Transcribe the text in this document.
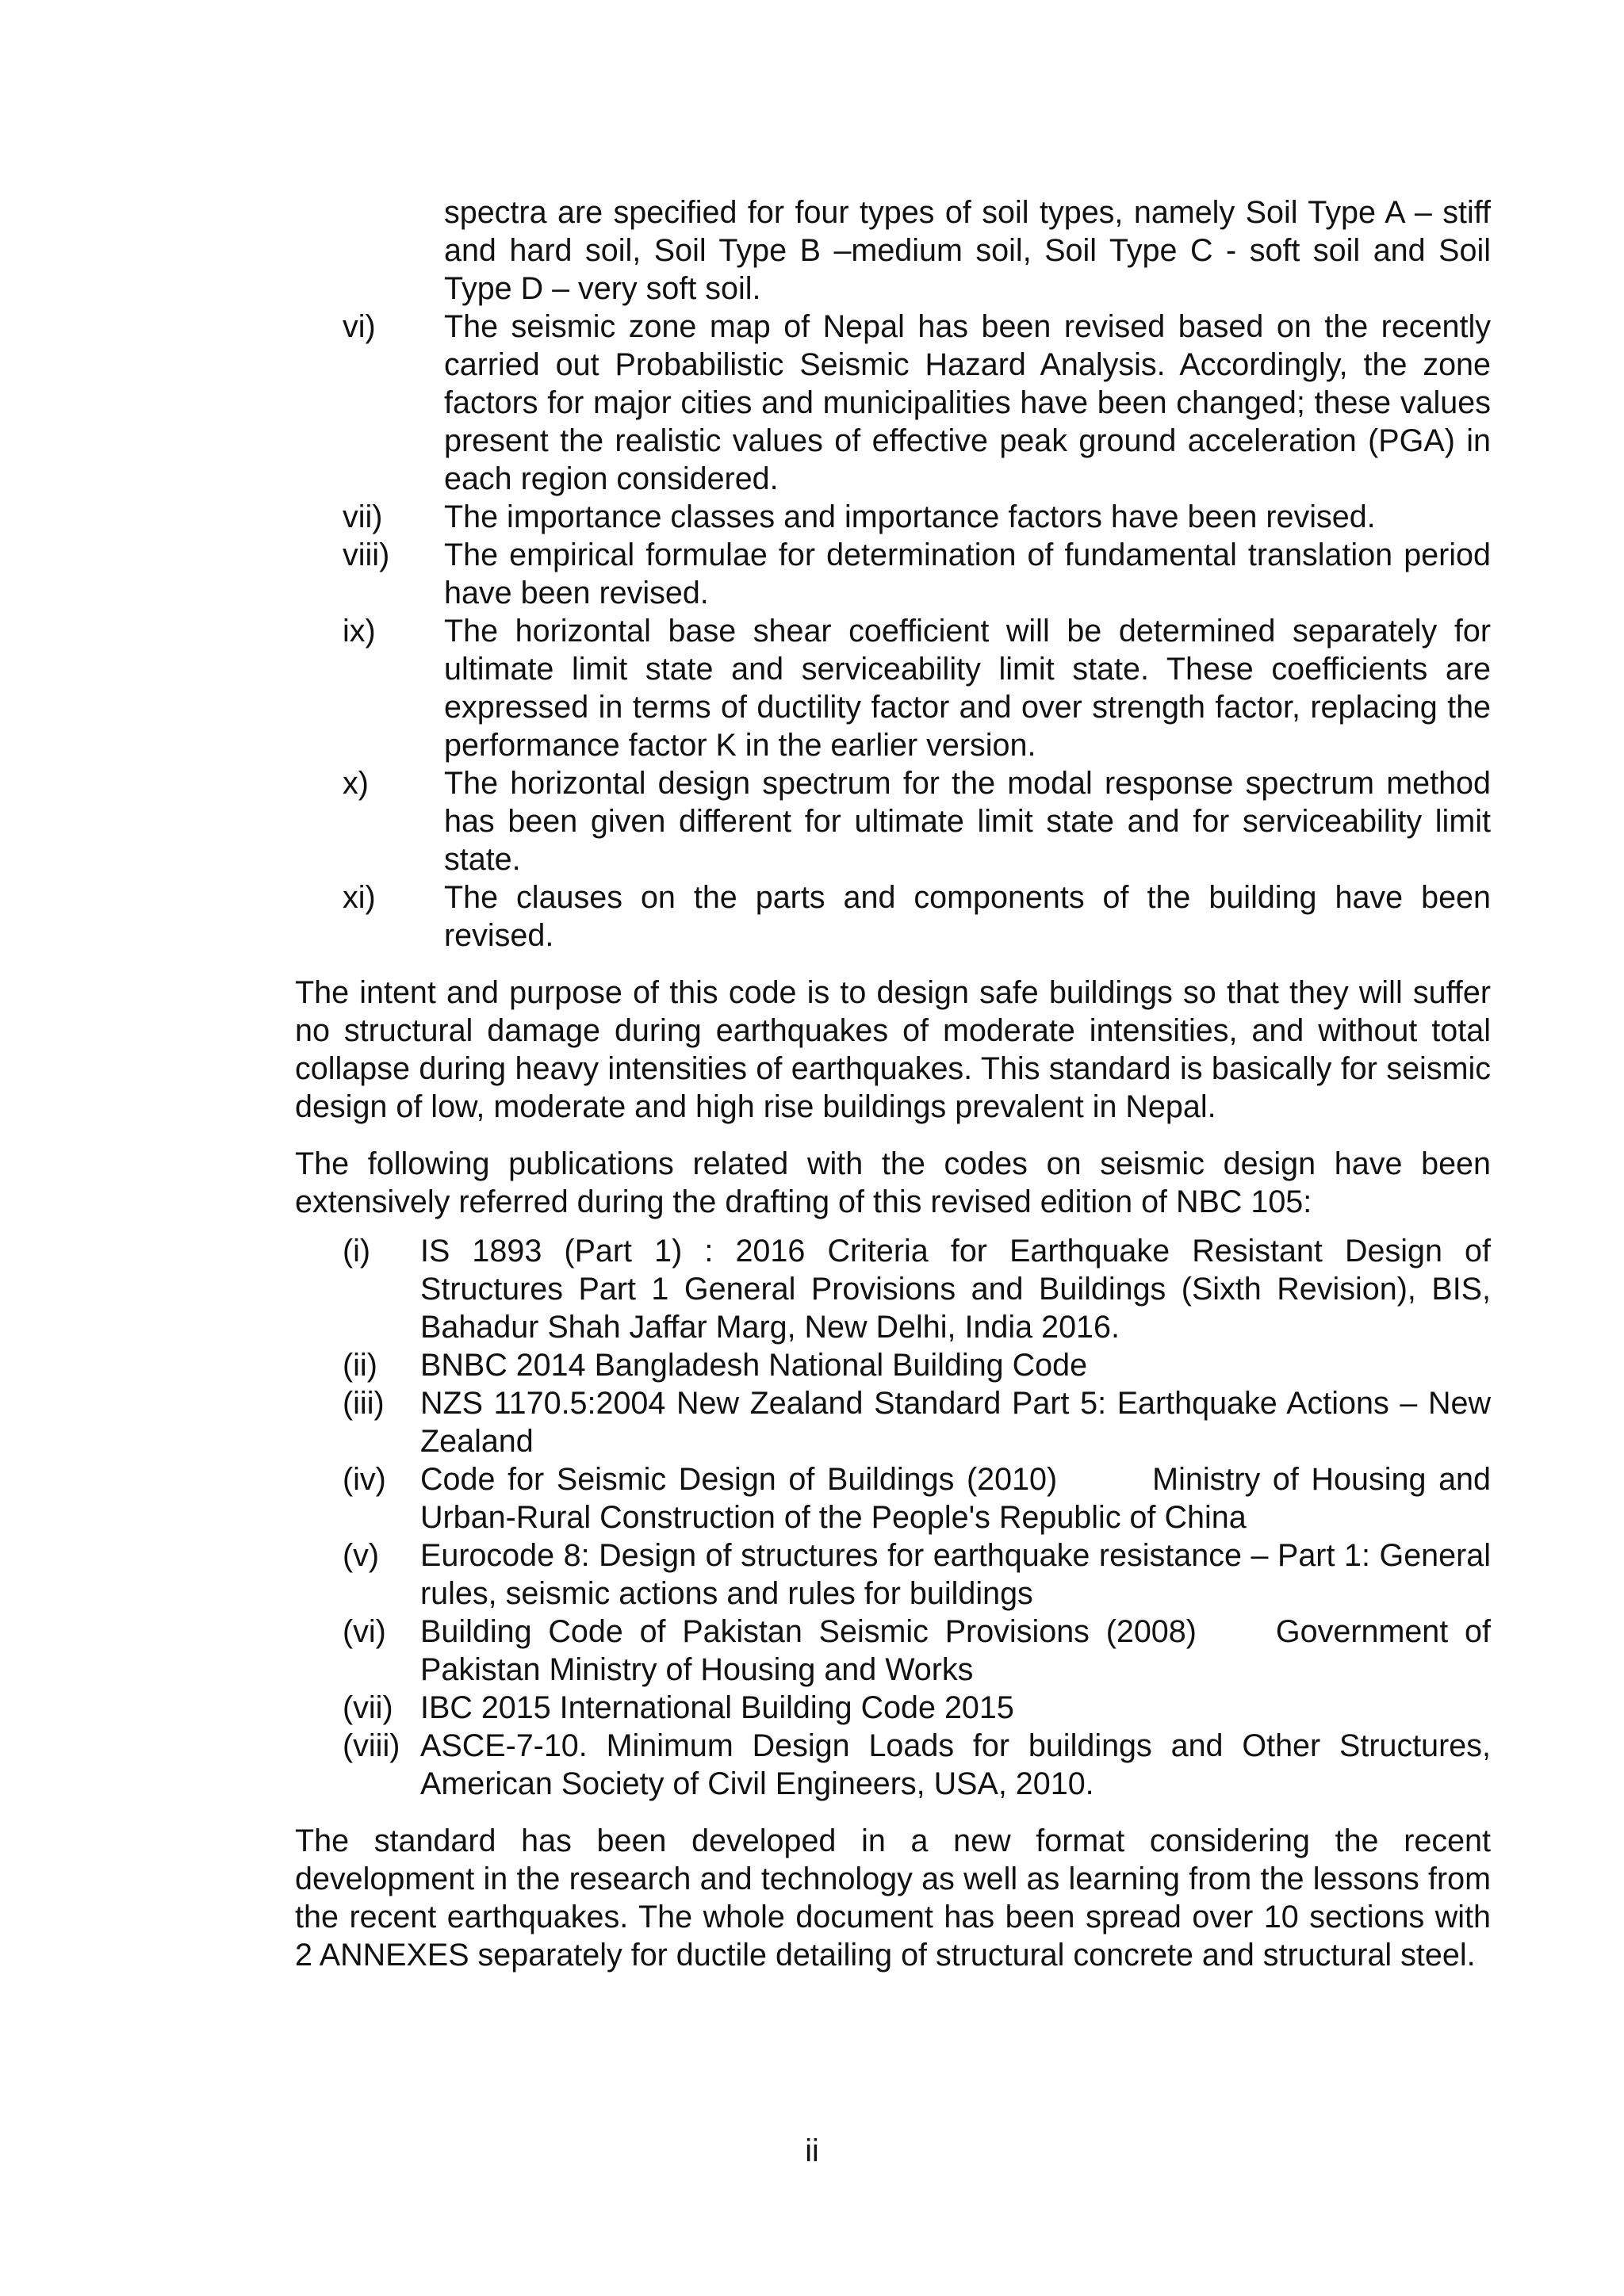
spectra are specified for four types of soil types, namely Soil Type A – stiff and hard soil, Soil Type B –medium soil, Soil Type C - soft soil and Soil Type D – very soft soil.
vi) The seismic zone map of Nepal has been revised based on the recently carried out Probabilistic Seismic Hazard Analysis. Accordingly, the zone factors for major cities and municipalities have been changed; these values present the realistic values of effective peak ground acceleration (PGA) in each region considered.
vii) The importance classes and importance factors have been revised.
viii) The empirical formulae for determination of fundamental translation period have been revised.
ix) The horizontal base shear coefficient will be determined separately for ultimate limit state and serviceability limit state. These coefficients are expressed in terms of ductility factor and over strength factor, replacing the performance factor K in the earlier version.
x) The horizontal design spectrum for the modal response spectrum method has been given different for ultimate limit state and for serviceability limit state.
xi) The clauses on the parts and components of the building have been revised.

The intent and purpose of this code is to design safe buildings so that they will suffer no structural damage during earthquakes of moderate intensities, and without total collapse during heavy intensities of earthquakes. This standard is basically for seismic design of low, moderate and high rise buildings prevalent in Nepal.

The following publications related with the codes on seismic design have been extensively referred during the drafting of this revised edition of NBC 105:

(i) IS 1893 (Part 1) : 2016 Criteria for Earthquake Resistant Design of Structures Part 1 General Provisions and Buildings (Sixth Revision), BIS, Bahadur Shah Jaffar Marg, New Delhi, India 2016.
(ii) BNBC 2014 Bangladesh National Building Code
(iii) NZS 1170.5:2004 New Zealand Standard Part 5: Earthquake Actions – New Zealand
(iv) Code for Seismic Design of Buildings (2010)	Ministry of Housing and Urban-Rural Construction of the People's Republic of China
(v) Eurocode 8: Design of structures for earthquake resistance – Part 1: General rules, seismic actions and rules for buildings
(vi) Building Code of Pakistan Seismic Provisions (2008)	Government of Pakistan Ministry of Housing and Works
(vii) IBC 2015 International Building Code 2015
(viii) ASCE-7-10. Minimum Design Loads for buildings and Other Structures, American Society of Civil Engineers, USA, 2010.

The standard has been developed in a new format considering the recent development in the research and technology as well as learning from the lessons from the recent earthquakes. The whole document has been spread over 10 sections with 2 ANNEXES separately for ductile detailing of structural concrete and structural steel.

ii
